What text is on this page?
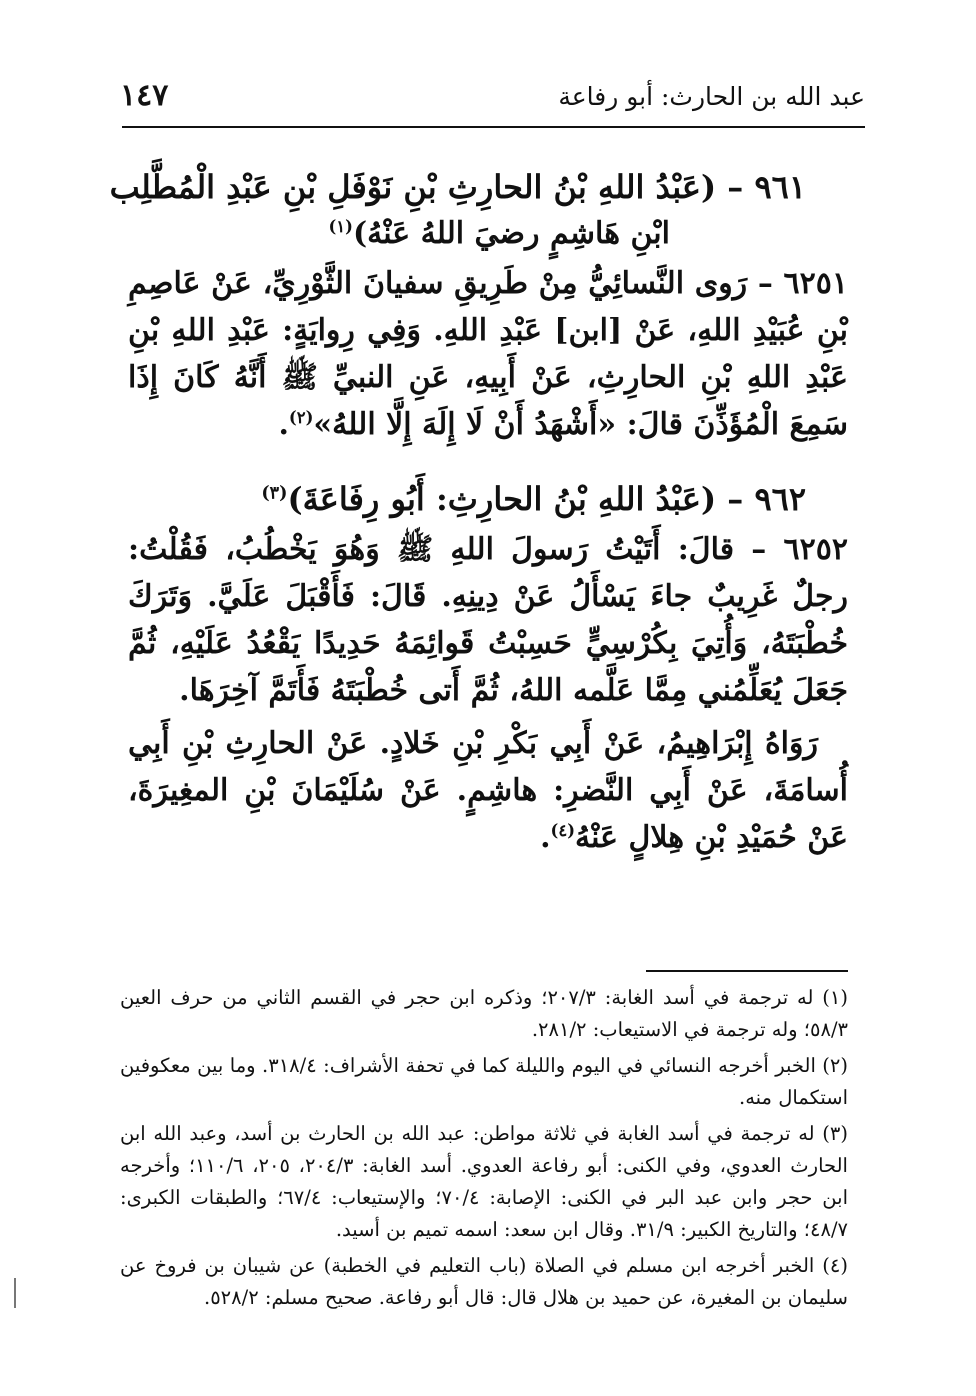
عبد الله بن الحارث: أبو رفاعة
١٤٧
٩٦١ – (عَبْدُ اللهِ بْنُ الحارِثِ بْنِ نَوْفَلِ بْنِ عَبْدِ الْمُطَّلِب
ابْنِ هَاشِمٍ رضيَ اللهُ عَنْهُ)$^{(١)}$

٦٢٥١ – رَوى النَّسائِيُّ مِنْ طَرِيقِ سفيانَ الثَّوْرِيِّ، عَنْ عَاصِمِ بْنِ عُبَيْدِ اللهِ، عَنْ [ابن] عَبْدِ اللهِ. وَفِي رِوايَةٍ: عَبْدِ اللهِ بْنِ عَبْدِ اللهِ بْنِ الحارِثِ، عَنْ أَبِيهِ، عَنِ النبيِّ ﷺ أَنَّهُ كَانَ إِذَا سَمِعَ الْمُؤَذِّنَ قالَ: «أَشْهَدُ أَنْ لَا إِلَهَ إِلَّا اللهُ»$^{(٢)}$.

٩٦٢ – (عَبْدُ اللهِ بْنُ الحارِثِ: أَبُو رِفَاعَةَ)$^{(٣)}$

٦٢٥٢ – قالَ: أَتَيْتُ رَسولَ اللهِ ﷺ وَهُوَ يَخْطُبُ، فَقُلْتُ: رجلٌ غَرِيبٌ جاءَ يَسْأَلُ عَنْ دِينِهِ. قَالَ: فَأَقْبَلَ عَلَيَّ. وَتَرَكَ خُطْبَتَهُ، وَأُتِيَ بِكُرْسِيٍّ حَسِبْتُ قَوائِمَهُ حَدِيدًا يَقْعُدُ عَلَيْهِ، ثُمَّ جَعَلَ يُعَلِّمُني مِمَّا عَلَّمه اللهُ، ثُمَّ أَتى خُطْبَتَهُ فَأَتَمَّ آخِرَهَا.

رَوَاهُ إِبْرَاهِيمُ، عَنْ أَبِي بَكْرِ بْنِ خَلادٍ. عَنْ الحارِثِ بْنِ أَبِي أُسامَةَ، عَنْ أَبِي النَّضرِ: هاشِمٍ. عَنْ سُلَيْمَانَ بْنِ المغِيرَةَ، عَنْ حُمَيْدِ بْنِ هِلالٍ عَنْهُ$^{(٤)}$.

(١) له ترجمة في أسد الغابة: ٢٠٧/٣؛ وذكره ابن حجر في القسم الثاني من حرف العين ٥٨/٣؛ وله ترجمة في الاستيعاب: ٢٨١/٢.

(٢) الخبر أخرجه النسائي في اليوم والليلة كما في تحفة الأشراف: ٣١٨/٤. وما بين معكوفين استكمال منه.

(٣) له ترجمة في أسد الغابة في ثلاثة مواطن: عبد الله بن الحارث بن أسد، وعبد الله ابن الحارث العدوي، وفي الكنى: أبو رفاعة العدوي. أسد الغابة: ٢٠٤/٣، ٢٠٥، ١١٠/٦؛ وأخرجه ابن حجر وابن عبد البر في الكنى: الإصابة: ٧٠/٤؛ والإستيعاب: ٦٧/٤؛ والطبقات الكبرى: ٤٨/٧؛ والتاريخ الكبير: ٣١/٩. وقال ابن سعد: اسمه تميم بن أسيد.

(٤) الخبر أخرجه ابن مسلم في الصلاة (باب التعليم في الخطبة) عن شيبان بن فروخ عن سليمان بن المغيرة، عن حميد بن هلال قال: قال أبو رفاعة. صحيح مسلم: ٥٢٨/٢.
